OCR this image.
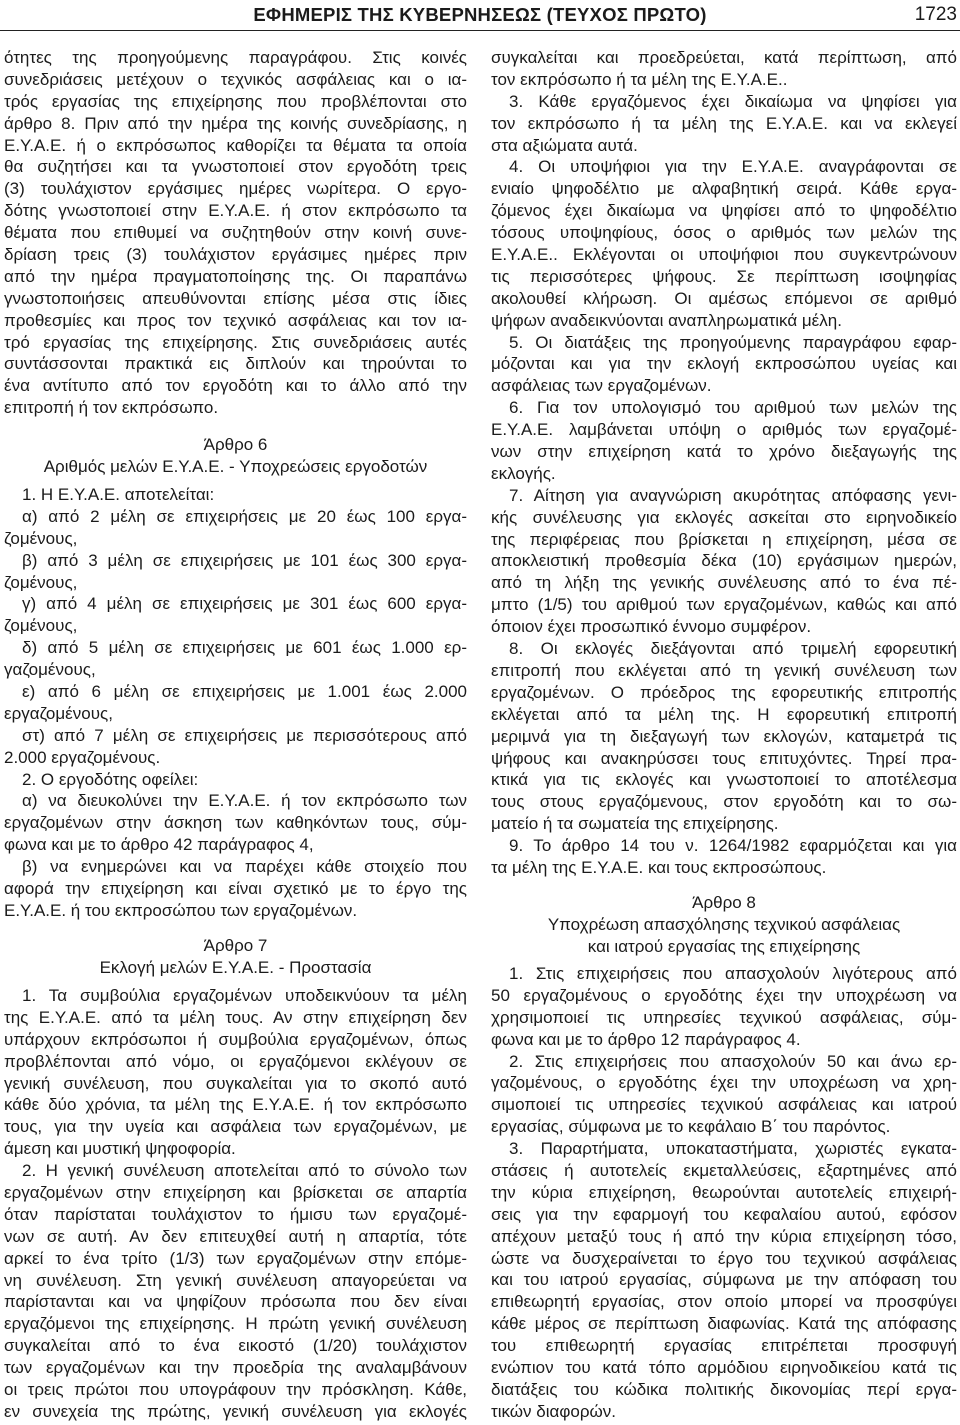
ΕΦΗΜΕΡΙΣ ΤΗΣ ΚΥΒΕΡΝΗΣΕΩΣ (ΤΕΥΧΟΣ ΠΡΩΤΟ)	1723
ότητες της προηγούμενης παραγράφου. Στις κοινές
συνεδριάσεις μετέχουν ο τεχνικός ασφάλειας και ο ια-
τρός εργασίας της επιχείρησης που προβλέπονται στο
άρθρο 8. Πριν από την ημέρα της κοινής συνεδρίασης, η
Ε.Υ.Α.Ε. ή ο εκπρόσωπος καθορίζει τα θέματα τα οποία
θα συζητήσει και τα γνωστοποιεί στον εργοδότη τρεις
(3) τουλάχιστον εργάσιμες ημέρες νωρίτερα. Ο εργο-
δότης γνωστοποιεί στην Ε.Υ.Α.Ε. ή στον εκπρόσωπο τα
θέματα που επιθυμεί να συζητηθούν στην κοινή συνε-
δρίαση τρεις (3) τουλάχιστον εργάσιμες ημέρες πριν
από την ημέρα πραγματοποίησης της. Οι παραπάνω
γνωστοποιήσεις απευθύνονται επίσης μέσα στις ίδιες
προθεσμίες και προς τον τεχνικό ασφάλειας και τον ια-
τρό εργασίας της επιχείρησης. Στις συνεδριάσεις αυτές
συντάσσονται πρακτικά εις διπλούν και τηρούνται το
ένα αντίτυπο από τον εργοδότη και το άλλο από την
επιτροπή ή τον εκπρόσωπο.
Άρθρο 6
Αριθμός μελών Ε.Υ.Α.Ε. - Υποχρεώσεις εργοδοτών
1. Η Ε.Υ.Α.Ε. αποτελείται:
α) από 2 μέλη σε επιχειρήσεις με 20 έως 100 εργα-
ζομένους,
β) από 3 μέλη σε επιχειρήσεις με 101 έως 300 εργα-
ζομένους,
γ) από 4 μέλη σε επιχειρήσεις με 301 έως 600 εργα-
ζομένους,
δ) από 5 μέλη σε επιχειρήσεις με 601 έως 1.000 ερ-
γαζομένους,
ε) από 6 μέλη σε επιχειρήσεις με 1.001 έως 2.000
εργαζομένους,
στ) από 7 μέλη σε επιχειρήσεις με περισσότερους από
2.000 εργαζομένους.
2. Ο εργοδότης οφείλει:
α) να διευκολύνει την Ε.Υ.Α.Ε. ή τον εκπρόσωπο των
εργαζομένων στην άσκηση των καθηκόντων τους, σύμ-
φωνα και με το άρθρο 42 παράγραφος 4,
β) να ενημερώνει και να παρέχει κάθε στοιχείο που
αφορά την επιχείρηση και είναι σχετικό με το έργο της
Ε.Υ.Α.Ε. ή του εκπροσώπου των εργαζομένων.
Άρθρο 7
Εκλογή μελών Ε.Υ.Α.Ε. - Προστασία
1. Τα συμβούλια εργαζομένων υποδεικνύουν τα μέλη
της Ε.Υ.Α.Ε. από τα μέλη τους. Αν στην επιχείρηση δεν
υπάρχουν εκπρόσωποι ή συμβούλια εργαζομένων, όπως
προβλέπονται από νόμο, οι εργαζόμενοι εκλέγουν σε
γενική συνέλευση, που συγκαλείται για το σκοπό αυτό
κάθε δύο χρόνια, τα μέλη της Ε.Υ.Α.Ε. ή τον εκπρόσωπο
τους, για την υγεία και ασφάλεια των εργαζομένων, με
άμεση και μυστική ψηφοφορία.
2. Η γενική συνέλευση αποτελείται από το σύνολο των
εργαζομένων στην επιχείρηση και βρίσκεται σε απαρτία
όταν παρίσταται τουλάχιστον το ήμισυ των εργαζομέ-
νων σε αυτή. Αν δεν επιτευχθεί αυτή η απαρτία, τότε
αρκεί το ένα τρίτο (1/3) των εργαζομένων στην επόμε-
νη συνέλευση. Στη γενική συνέλευση απαγορεύεται να
παρίστανται και να ψηφίζουν πρόσωπα που δεν είναι
εργαζόμενοι της επιχείρησης. Η πρώτη γενική συνέλευση
συγκαλείται από το ένα εικοστό (1/20) τουλάχιστον
των εργαζομένων και την προεδρία της αναλαμβάνουν
οι τρεις πρώτοι που υπογράφουν την πρόσκληση. Κάθε,
εν συνεχεία της πρώτης, γενική συνέλευση για εκλογές
συγκαλείται και προεδρεύεται, κατά περίπτωση, από
τον εκπρόσωπο ή τα μέλη της Ε.Υ.Α.Ε..
3. Κάθε εργαζόμενος έχει δικαίωμα να ψηφίσει για
τον εκπρόσωπο ή τα μέλη της Ε.Υ.Α.Ε. και να εκλεγεί
στα αξιώματα αυτά.
4. Οι υποψήφιοι για την Ε.Υ.Α.Ε. αναγράφονται σε
ενιαίο ψηφοδέλτιο με αλφαβητική σειρά. Κάθε εργα-
ζόμενος έχει δικαίωμα να ψηφίσει από το ψηφοδέλτιο
τόσους υποψηφίους, όσος ο αριθμός των μελών της
Ε.Υ.Α.Ε.. Εκλέγονται οι υποψήφιοι που συγκεντρώνουν
τις περισσότερες ψήφους. Σε περίπτωση ισοψηφίας
ακολουθεί κλήρωση. Οι αμέσως επόμενοι σε αριθμό
ψήφων αναδεικνύονται αναπληρωματικά μέλη.
5. Οι διατάξεις της προηγούμενης παραγράφου εφαρ-
μόζονται και για την εκλογή εκπροσώπου υγείας και
ασφάλειας των εργαζομένων.
6. Για τον υπολογισμό του αριθμού των μελών της
Ε.Υ.Α.Ε. λαμβάνεται υπόψη ο αριθμός των εργαζομέ-
νων στην επιχείρηση κατά το χρόνο διεξαγωγής της
εκλογής.
7. Αίτηση για αναγνώριση ακυρότητας απόφασης γενι-
κής συνέλευσης για εκλογές ασκείται στο ειρηνοδικείο
της περιφέρειας που βρίσκεται η επιχείρηση, μέσα σε
αποκλειστική προθεσμία δέκα (10) εργάσιμων ημερών,
από τη λήξη της γενικής συνέλευσης από το ένα πέ-
μπτο (1/5) του αριθμού των εργαζομένων, καθώς και από
όποιον έχει προσωπικό έννομο συμφέρον.
8. Οι εκλογές διεξάγονται από τριμελή εφορευτική
επιτροπή που εκλέγεται από τη γενική συνέλευση των
εργαζομένων. Ο πρόεδρος της εφορευτικής επιτροπής
εκλέγεται από τα μέλη της. Η εφορευτική επιτροπή
μεριμνά για τη διεξαγωγή των εκλογών, καταμετρά τις
ψήφους και ανακηρύσσει τους επιτυχόντες. Τηρεί πρα-
κτικά για τις εκλογές και γνωστοποιεί το αποτέλεσμα
τους στους εργαζόμενους, στον εργοδότη και το σω-
ματείο ή τα σωματεία της επιχείρησης.
9. Το άρθρο 14 του ν. 1264/1982 εφαρμόζεται και για
τα μέλη της Ε.Υ.Α.Ε. και τους εκπροσώπους.
Άρθρο 8
Υποχρέωση απασχόλησης τεχνικού ασφάλειας
και ιατρού εργασίας της επιχείρησης
1. Στις επιχειρήσεις που απασχολούν λιγότερους από
50 εργαζομένους ο εργοδότης έχει την υποχρέωση να
χρησιμοποιεί τις υπηρεσίες τεχνικού ασφάλειας, σύμ-
φωνα και με το άρθρο 12 παράγραφος 4.
2. Στις επιχειρήσεις που απασχολούν 50 και άνω ερ-
γαζομένους, ο εργοδότης έχει την υποχρέωση να χρη-
σιμοποιεί τις υπηρεσίες τεχνικού ασφάλειας και ιατρού
εργασίας, σύμφωνα με το κεφάλαιο Β΄ του παρόντος.
3. Παραρτήματα, υποκαταστήματα, χωριστές εγκατα-
στάσεις ή αυτοτελείς εκμεταλλεύσεις, εξαρτημένες από
την κύρια επιχείρηση, θεωρούνται αυτοτελείς επιχειρή-
σεις για την εφαρμογή του κεφαλαίου αυτού, εφόσον
απέχουν μεταξύ τους ή από την κύρια επιχείρηση τόσο,
ώστε να δυσχεραίνεται το έργο του τεχνικού ασφάλειας
και του ιατρού εργασίας, σύμφωνα με την απόφαση του
επιθεωρητή εργασίας, στον οποίο μπορεί να προσφύγει
κάθε μέρος σε περίπτωση διαφωνίας. Κατά της απόφασης
του επιθεωρητή εργασίας επιτρέπεται προσφυγή
ενώπιον του κατά τόπο αρμόδιου ειρηνοδικείου κατά τις
διατάξεις του κώδικα πολιτικής δικονομίας περί εργα-
τικών διαφορών.
